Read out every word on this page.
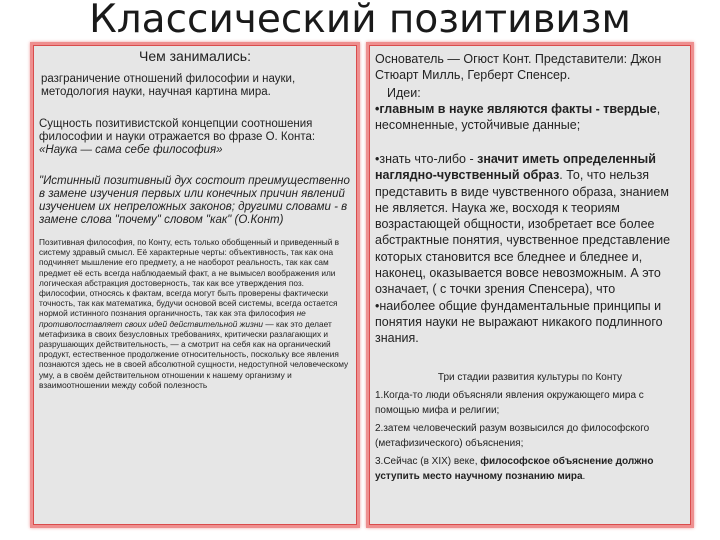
Классический позитивизм

Чем занимались:

разграничение отношений философии и науки, методология науки, научная картина мира.

Сущность позитивистской концепции соотношения философии и науки отражается во фразе О. Конта: «Наука — сама себе философия»

"Истинный позитивный дух состоит преимущественно в замене изучения первых или конечных причин явлений изучением их непреложных законов; другими словами - в замене слова "почему" словом "как" (О.Конт)

Позитивная философия, по Конту, есть только обобщенный и приведенный в систему здравый смысл. Её характерные черты: объективность, так как она подчиняет мышление его предмету, а не наоборот реальность, так как сам предмет её есть всегда наблюдаемый факт, а не вымысел воображения или логическая абстракция достоверность, так как все утверждения поз. философии, относясь к фактам, всегда могут быть проверены фактически точность, так как математика, будучи основой всей системы, всегда остается нормой истинного познания органичность, так как эта философия не противопоставляет своих идей действительной жизни — как это делает метафизика в своих безусловных требованиях, критически разлагающих и разрушающих действительность, — а смотрит на себя как на органический продукт, естественное продолжение относительность, поскольку все явления познаются здесь не в своей абсолютной сущности, недоступной человеческому уму, а в своём действительном отношении к нашему организму и взаимоотношении между собой полезность

Основатель — Огюст Конт. Представители: Джон Стюарт Милль, Герберт Спенсер.

Идеи:

•главным в науке являются факты - твердые, несомненные, устойчивые данные;

•знать что-либо - значит иметь определенный наглядно-чувственный образ. То, что нельзя представить в виде чувственного образа, знанием не является. Наука же, восходя к теориям возрастающей общности, изобретает все более абстрактные понятия, чувственное представление которых становится все бледнее и бледнее и, наконец, оказывается вовсе невозможным. А это означает, ( с точки зрения Спенсера), что

•наиболее общие фундаментальные принципы и понятия науки не выражают никакого подлинного знания.

Три стадии развития культуры по Конту

1.Когда-то люди объясняли явления окружающего мира с помощью мифа и религии;

2.затем человеческий разум возвысился до философского (метафизического) объяснения;

3.Сейчас (в XIX) веке, философское объяснение должно уступить место научному познанию мира.
